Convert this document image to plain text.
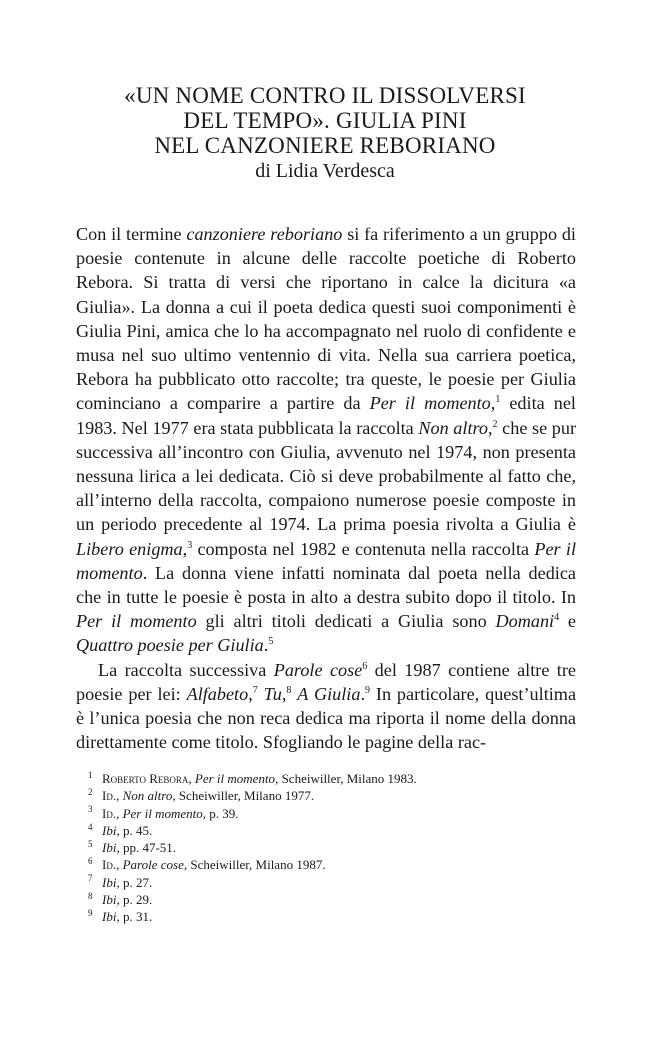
«UN NOME CONTRO IL DISSOLVERSI
DEL TEMPO». GIULIA PINI
NEL CANZONIERE REBORIANO
di Lidia Verdesca

Con il termine canzoniere reboriano si fa riferimento a un gruppo di poesie contenute in alcune delle raccolte poetiche di Roberto Rebora. Si tratta di versi che riportano in calce la dicitura «a Giulia». La donna a cui il poeta dedica questi suoi componimenti è Giulia Pini, amica che lo ha accompagnato nel ruolo di confidente e musa nel suo ultimo ventennio di vita. Nella sua carriera poetica, Rebora ha pubblicato otto raccolte; tra queste, le poesie per Giulia cominciano a comparire a partire da Per il momento,$^1$ edita nel 1983. Nel 1977 era stata pubblicata la raccolta Non altro,$^2$ che se pur successiva all’incontro con Giulia, avvenuto nel 1974, non presenta nessuna lirica a lei dedicata. Ciò si deve probabilmente al fatto che, all’interno della raccolta, compaiono numerose poesie composte in un periodo precedente al 1974. La prima poesia rivolta a Giulia è Libero enigma,$^3$ composta nel 1982 e contenuta nella raccolta Per il momento. La donna viene infatti nominata dal poeta nella dedica che in tutte le poesie è posta in alto a destra subito dopo il titolo. In Per il momento gli altri titoli dedicati a Giulia sono Domani$^4$ e Quattro poesie per Giulia.$^5$

La raccolta successiva Parole cose$^6$ del 1987 contiene altre tre poesie per lei: Alfabeto,$^7$ Tu,$^8$ A Giulia.$^9$ In particolare, quest’ultima è l’unica poesia che non reca dedica ma riporta il nome della donna direttamente come titolo. Sfogliando le pagine della rac-

1 Roberto Rebora, Per il momento, Scheiwiller, Milano 1983.
2 Id., Non altro, Scheiwiller, Milano 1977.
3 Id., Per il momento, p. 39.
4 Ibi, p. 45.
5 Ibi, pp. 47-51.
6 Id., Parole cose, Scheiwiller, Milano 1987.
7 Ibi, p. 27.
8 Ibi, p. 29.
9 Ibi, p. 31.
